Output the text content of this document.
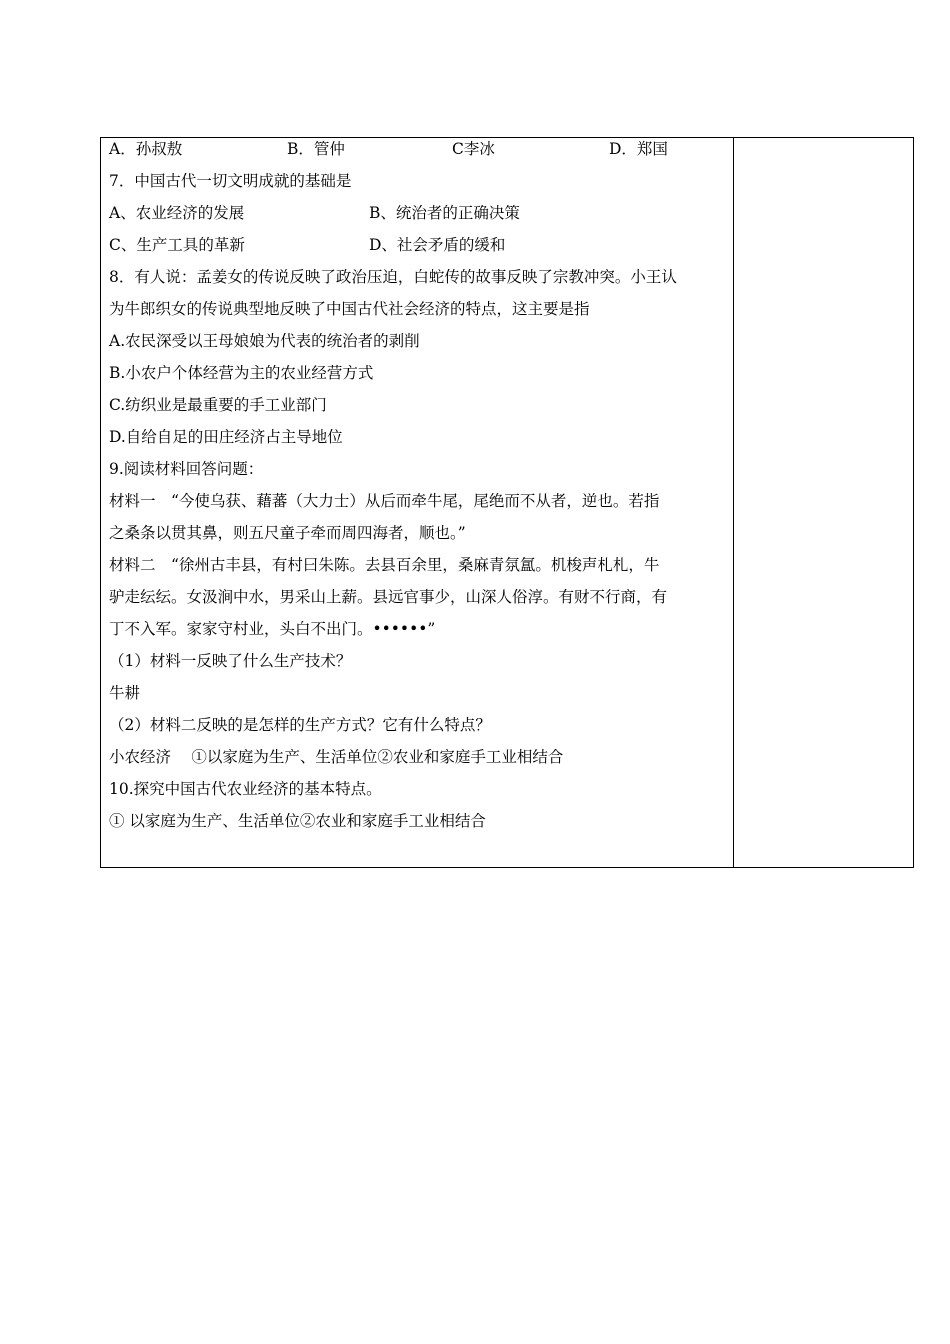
A．孙叔敖	B．管仲	C李冰	D．郑国
7．中国古代一切文明成就的基础是
A、农业经济的发展	B、统治者的正确决策
C、生产工具的革新	D、社会矛盾的缓和
8．有人说：孟姜女的传说反映了政治压迫，白蛇传的故事反映了宗教冲突。小王认
为牛郎织女的传说典型地反映了中国古代社会经济的特点，这主要是指
A.农民深受以王母娘娘为代表的统治者的剥削
B.小农户个体经营为主的农业经营方式
C.纺织业是最重要的手工业部门
D.自给自足的田庄经济占主导地位
9.阅读材料回答问题：
材料一　“今使乌获、藉蕃（大力士）从后而牵牛尾，尾绝而不从者，逆也。若指
之桑条以贯其鼻，则五尺童子牵而周四海者，顺也。”
材料二　“徐州古丰县，有村曰朱陈。去县百余里，桑麻青氛氲。机梭声札札，牛
驴走纭纭。女汲涧中水，男采山上薪。县远官事少，山深人俗淳。有财不行商，有
丁不入军。家家守村业，头白不出门。••••••”
（1）材料一反映了什么生产技术？
牛耕
（2）材料二反映的是怎样的生产方式？它有什么特点？
小农经济　 ①以家庭为生产、生活单位②农业和家庭手工业相结合
10.探究中国古代农业经济的基本特点。
① 以家庭为生产、生活单位②农业和家庭手工业相结合
